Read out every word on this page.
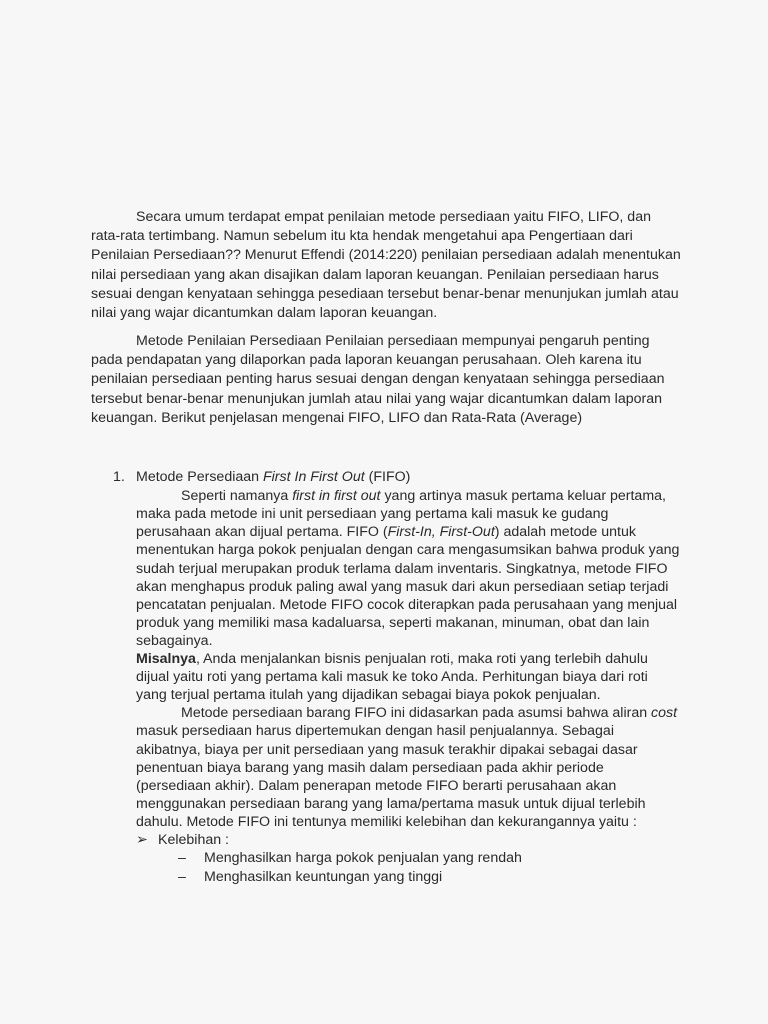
Secara umum terdapat empat penilaian metode persediaan yaitu FIFO, LIFO, dan rata-rata tertimbang. Namun sebelum itu kta hendak mengetahui apa Pengertiaan dari Penilaian Persediaan?? Menurut Effendi (2014:220) penilaian persediaan adalah menentukan nilai persediaan yang akan disajikan dalam laporan keuangan. Penilaian persediaan harus sesuai dengan kenyataan sehingga pesediaan tersebut benar-benar menunjukan jumlah atau nilai yang wajar dicantumkan dalam laporan keuangan.

Metode Penilaian Persediaan Penilaian persediaan mempunyai pengaruh penting pada pendapatan yang dilaporkan pada laporan keuangan perusahaan. Oleh karena itu penilaian persediaan penting harus sesuai dengan dengan kenyataan sehingga persediaan tersebut benar-benar menunjukan jumlah atau nilai yang wajar dicantumkan dalam laporan keuangan. Berikut penjelasan mengenai FIFO, LIFO dan Rata-Rata (Average)

1. Metode Persediaan First In First Out (FIFO)

Seperti namanya first in first out yang artinya masuk pertama keluar pertama, maka pada metode ini unit persediaan yang pertama kali masuk ke gudang perusahaan akan dijual pertama. FIFO (First-In, First-Out) adalah metode untuk menentukan harga pokok penjualan dengan cara mengasumsikan bahwa produk yang sudah terjual merupakan produk terlama dalam inventaris. Singkatnya, metode FIFO akan menghapus produk paling awal yang masuk dari akun persediaan setiap terjadi pencatatan penjualan. Metode FIFO cocok diterapkan pada perusahaan yang menjual produk yang memiliki masa kadaluarsa, seperti makanan, minuman, obat dan lain sebagainya.

Misalnya, Anda menjalankan bisnis penjualan roti, maka roti yang terlebih dahulu dijual yaitu roti yang pertama kali masuk ke toko Anda. Perhitungan biaya dari roti yang terjual pertama itulah yang dijadikan sebagai biaya pokok penjualan.

Metode persediaan barang FIFO ini didasarkan pada asumsi bahwa aliran cost masuk persediaan harus dipertemukan dengan hasil penjualannya. Sebagai akibatnya, biaya per unit persediaan yang masuk terakhir dipakai sebagai dasar penentuan biaya barang yang masih dalam persediaan pada akhir periode (persediaan akhir). Dalam penerapan metode FIFO berarti perusahaan akan menggunakan persediaan barang yang lama/pertama masuk untuk dijual terlebih dahulu. Metode FIFO ini tentunya memiliki kelebihan dan kekurangannya yaitu :

➢ Kelebihan :
– Menghasilkan harga pokok penjualan yang rendah
– Menghasilkan keuntungan yang tinggi
